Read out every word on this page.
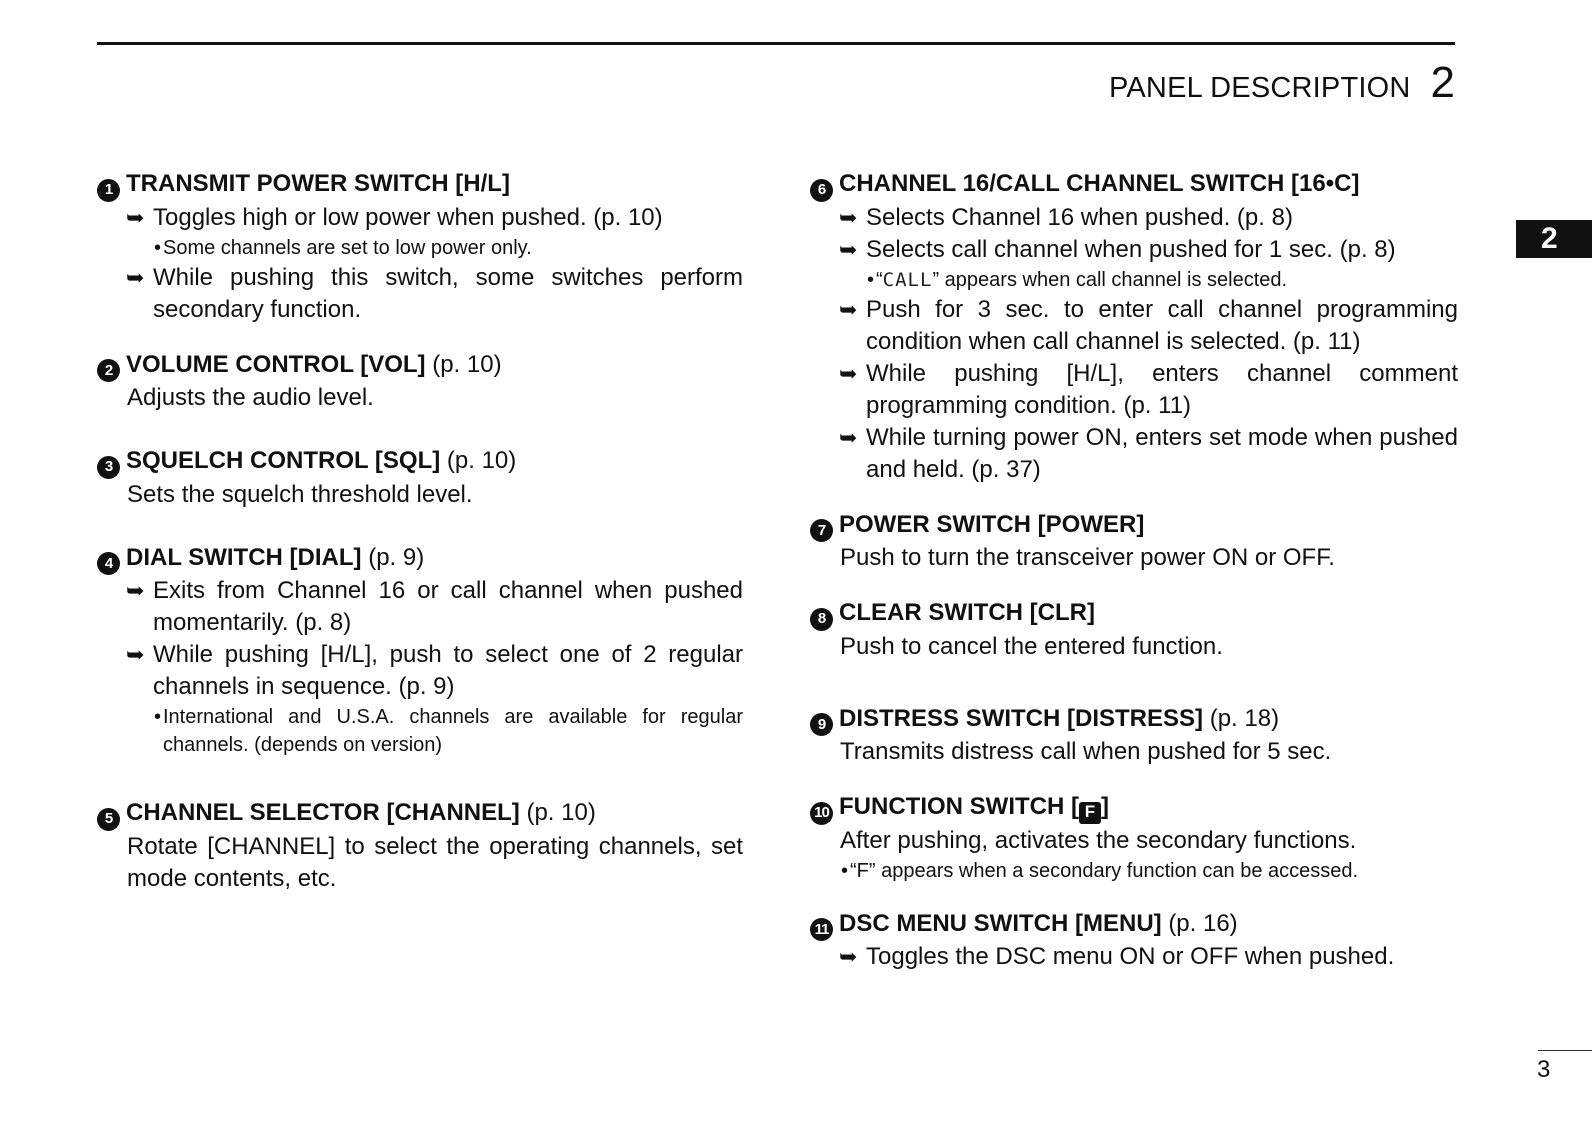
PANEL DESCRIPTION 2
2
1 TRANSMIT POWER SWITCH [H/L]
➥ Toggles high or low power when pushed. (p. 10)
• Some channels are set to low power only.
➥ While pushing this switch, some switches perform secondary function.
2 VOLUME CONTROL [VOL] (p. 10)
Adjusts the audio level.
3 SQUELCH CONTROL [SQL] (p. 10)
Sets the squelch threshold level.
4 DIAL SWITCH [DIAL] (p. 9)
➥ Exits from Channel 16 or call channel when pushed momentarily. (p. 8)
➥ While pushing [H/L], push to select one of 2 regular channels in sequence. (p. 9)
• International and U.S.A. channels are available for regular channels. (depends on version)
5 CHANNEL SELECTOR [CHANNEL] (p. 10)
Rotate [CHANNEL] to select the operating channels, set mode contents, etc.
6 CHANNEL 16/CALL CHANNEL SWITCH [16•C]
➥ Selects Channel 16 when pushed. (p. 8)
➥ Selects call channel when pushed for 1 sec. (p. 8)
• “CALL” appears when call channel is selected.
➥ Push for 3 sec. to enter call channel programming condition when call channel is selected. (p. 11)
➥ While pushing [H/L], enters channel comment programming condition. (p. 11)
➥ While turning power ON, enters set mode when pushed and held. (p. 37)
7 POWER SWITCH [POWER]
Push to turn the transceiver power ON or OFF.
8 CLEAR SWITCH [CLR]
Push to cancel the entered function.
9 DISTRESS SWITCH [DISTRESS] (p. 18)
Transmits distress call when pushed for 5 sec.
10 FUNCTION SWITCH [ F ]
After pushing, activates the secondary functions.
• “F” appears when a secondary function can be accessed.
11 DSC MENU SWITCH [MENU] (p. 16)
➥ Toggles the DSC menu ON or OFF when pushed.
3
